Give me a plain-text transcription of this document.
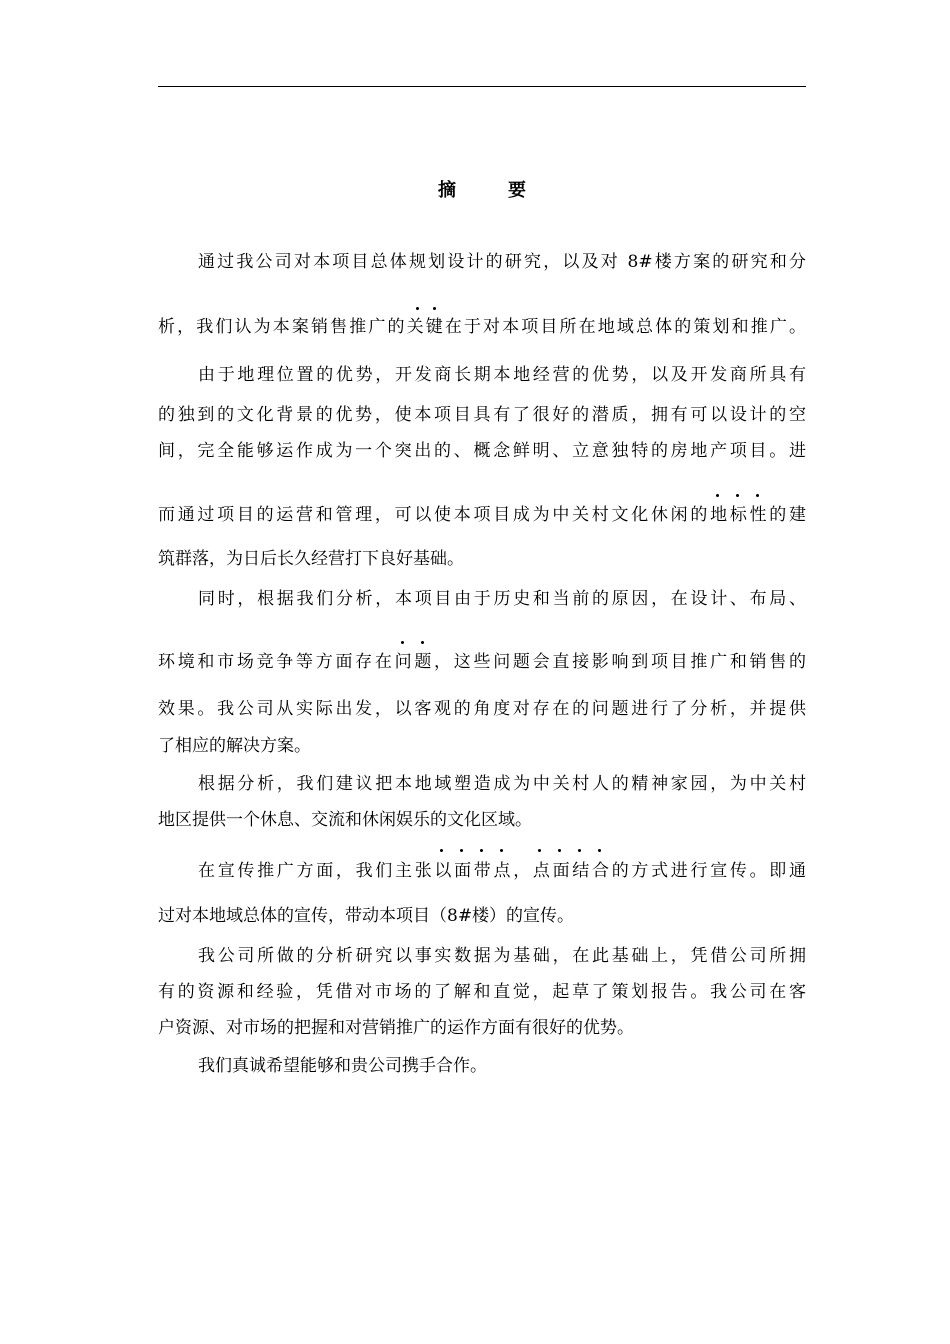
摘	要
通过我公司对本项目总体规划设计的研究，以及对 8#楼方案的研究和分
析，我们认为本案销售推广的关键在于对本项目所在地域总体的策划和推广。
由于地理位置的优势，开发商长期本地经营的优势，以及开发商所具有
的独到的文化背景的优势，使本项目具有了很好的潜质，拥有可以设计的空
间，完全能够运作成为一个突出的、概念鲜明、立意独特的房地产项目。进
而通过项目的运营和管理，可以使本项目成为中关村文化休闲的地标性的建
筑群落，为日后长久经营打下良好基础。
同时，根据我们分析，本项目由于历史和当前的原因，在设计、布局、
环境和市场竞争等方面存在问题，这些问题会直接影响到项目推广和销售的
效果。我公司从实际出发，以客观的角度对存在的问题进行了分析，并提供
了相应的解决方案。
根据分析，我们建议把本地域塑造成为中关村人的精神家园，为中关村
地区提供一个休息、交流和休闲娱乐的文化区域。
在宣传推广方面，我们主张以面带点，点面结合的方式进行宣传。即通
过对本地域总体的宣传，带动本项目（8#楼）的宣传。
我公司所做的分析研究以事实数据为基础，在此基础上，凭借公司所拥
有的资源和经验，凭借对市场的了解和直觉，起草了策划报告。我公司在客
户资源、对市场的把握和对营销推广的运作方面有很好的优势。
我们真诚希望能够和贵公司携手合作。
